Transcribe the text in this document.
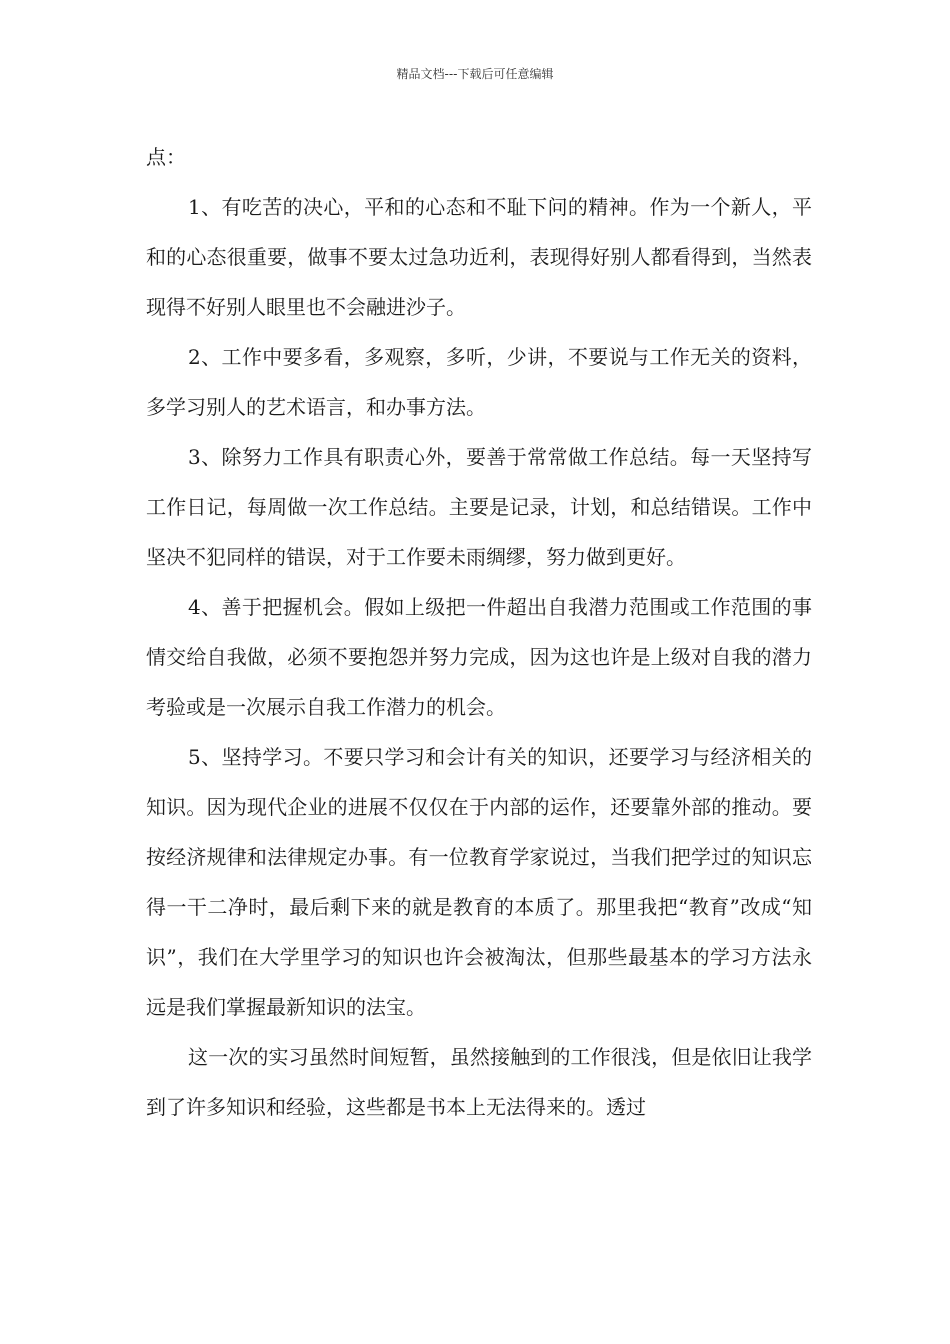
精品文档---下载后可任意编辑

点：

1、有吃苦的决心，平和的心态和不耻下问的精神。作为一个新人，平和的心态很重要，做事不要太过急功近利，表现得好别人都看得到，当然表现得不好别人眼里也不会融进沙子。

2、工作中要多看，多观察，多听，少讲，不要说与工作无关的资料，多学习别人的艺术语言，和办事方法。

3、除努力工作具有职责心外，要善于常常做工作总结。每一天坚持写工作日记，每周做一次工作总结。主要是记录，计划，和总结错误。工作中坚决不犯同样的错误，对于工作要未雨绸缪，努力做到更好。

4、善于把握机会。假如上级把一件超出自我潜力范围或工作范围的事情交给自我做，必须不要抱怨并努力完成，因为这也许是上级对自我的潜力考验或是一次展示自我工作潜力的机会。

5、坚持学习。不要只学习和会计有关的知识，还要学习与经济相关的知识。因为现代企业的进展不仅仅在于内部的运作，还要靠外部的推动。要按经济规律和法律规定办事。有一位教育学家说过，当我们把学过的知识忘得一干二净时，最后剩下来的就是教育的本质了。那里我把“教育”改成“知识”，我们在大学里学习的知识也许会被淘汰，但那些最基本的学习方法永远是我们掌握最新知识的法宝。

这一次的实习虽然时间短暂，虽然接触到的工作很浅，但是依旧让我学到了许多知识和经验，这些都是书本上无法得来的。透过
